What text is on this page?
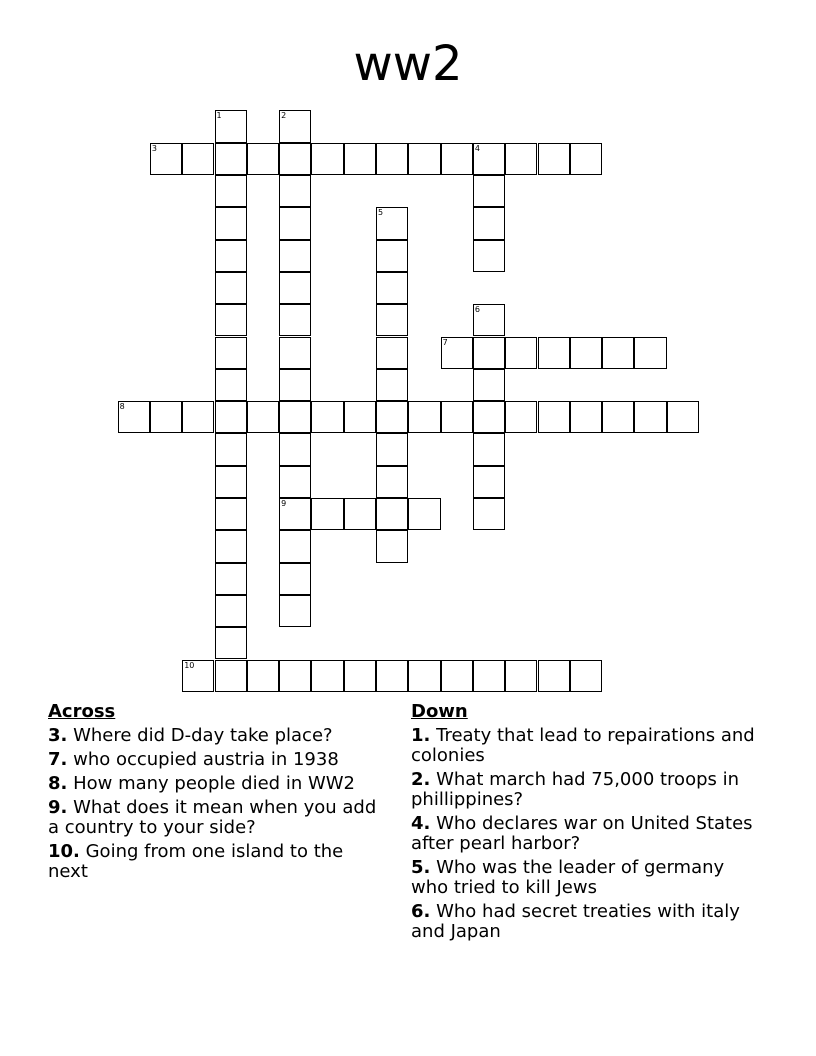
ww2
1	2
3	4
5
6
7
8
9
10
Across
3. Where did D-day take place?
7. who occupied austria in 1938
8. How many people died in WW2
9. What does it mean when you add a country to your side?
10. Going from one island to the next
Down
1. Treaty that lead to repairations and colonies
2. What march had 75,000 troops in phillippines?
4. Who declares war on United States after pearl harbor?
5. Who was the leader of germany who tried to kill Jews
6. Who had secret treaties with italy and Japan
